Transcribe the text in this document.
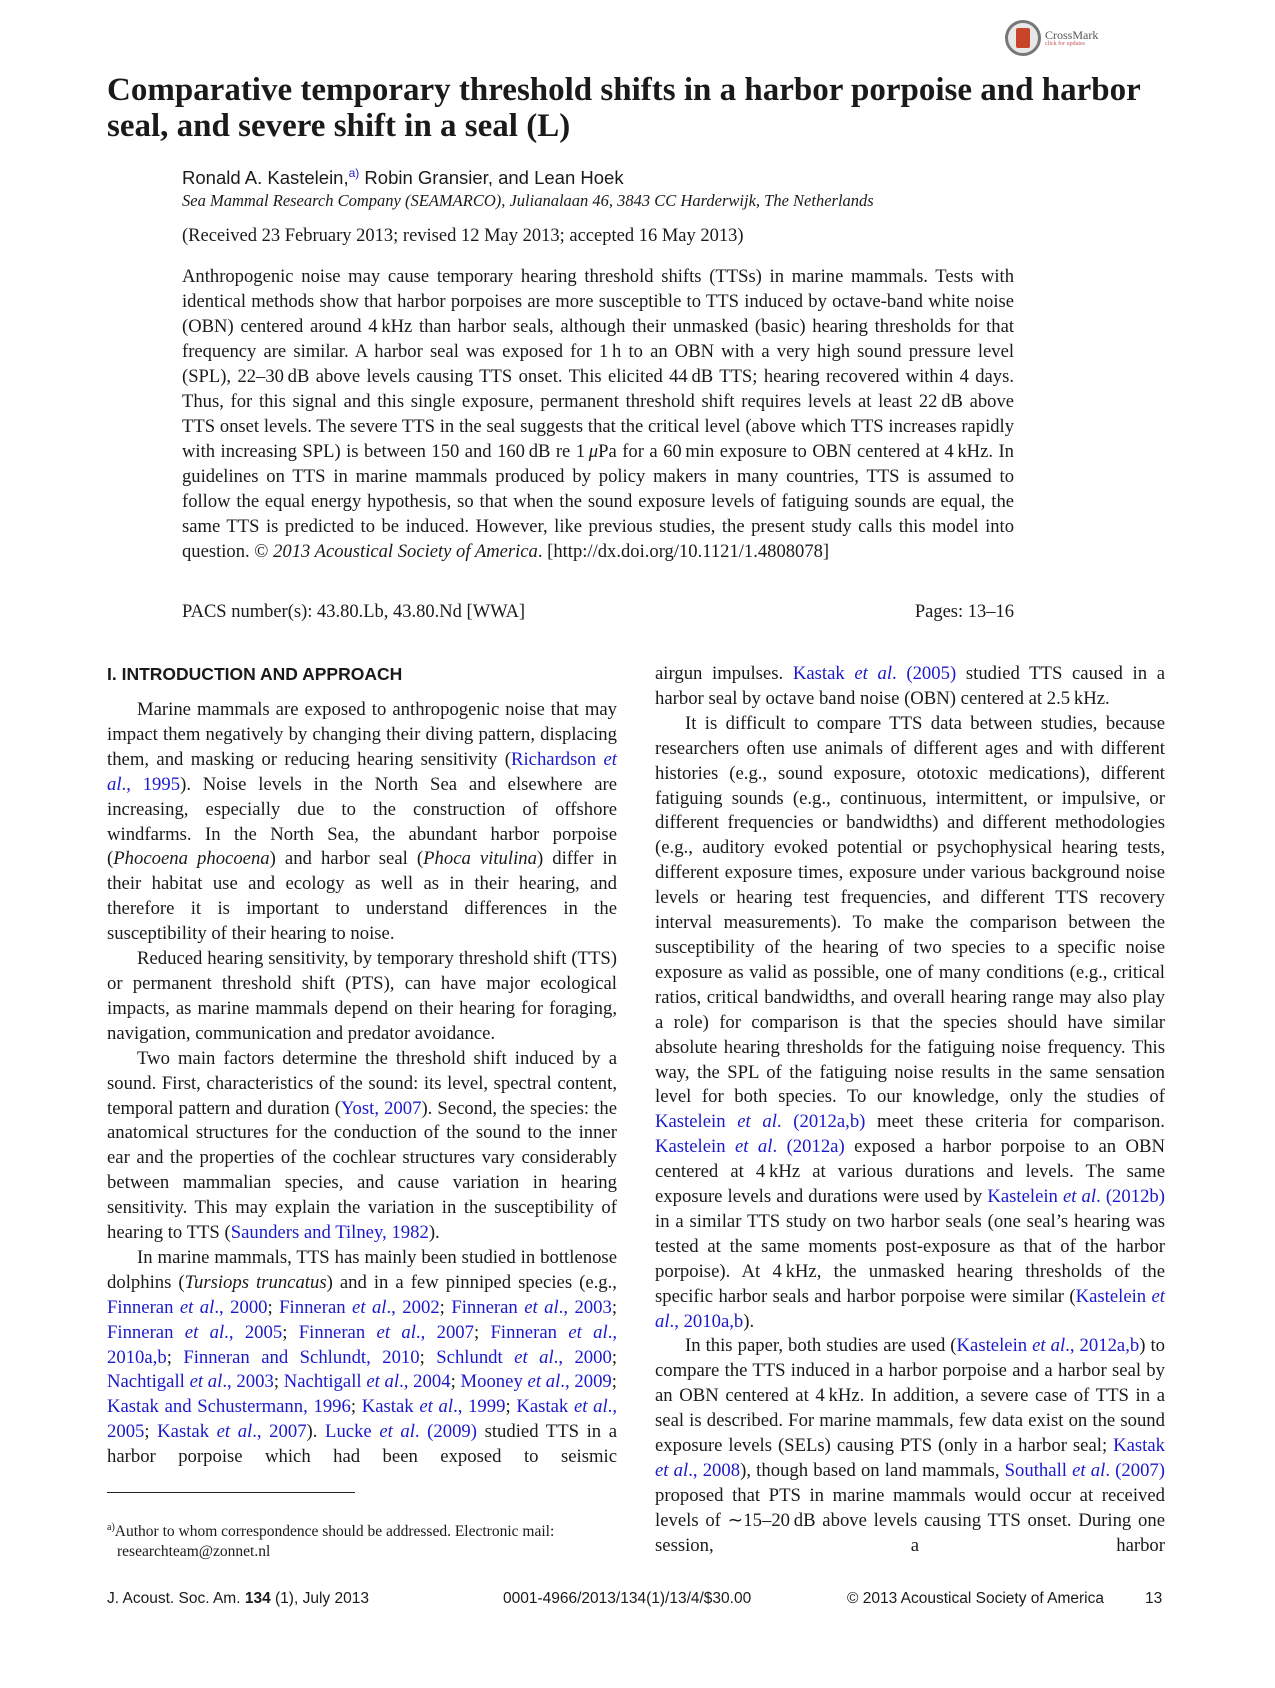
CrossMark
click for updates
Comparative temporary threshold shifts in a harbor porpoise and harbor seal, and severe shift in a seal (L)
Ronald A. Kastelein,$^{a)}$ Robin Gransier, and Lean Hoek
Sea Mammal Research Company (SEAMARCO), Julianalaan 46, 3843 CC Harderwijk, The Netherlands
(Received 23 February 2013; revised 12 May 2013; accepted 16 May 2013)
Anthropogenic noise may cause temporary hearing threshold shifts (TTSs) in marine mammals. Tests with identical methods show that harbor porpoises are more susceptible to TTS induced by octave-band white noise (OBN) centered around 4 kHz than harbor seals, although their unmasked (basic) hearing thresholds for that frequency are similar. A harbor seal was exposed for 1 h to an OBN with a very high sound pressure level (SPL), 22–30 dB above levels causing TTS onset. This elicited 44 dB TTS; hearing recovered within 4 days. Thus, for this signal and this single exposure, permanent threshold shift requires levels at least 22 dB above TTS onset levels. The severe TTS in the seal suggests that the critical level (above which TTS increases rapidly with increasing SPL) is between 150 and 160 dB re 1 μPa for a 60 min exposure to OBN centered at 4 kHz. In guidelines on TTS in marine mammals produced by policy makers in many countries, TTS is assumed to follow the equal energy hypothesis, so that when the sound exposure levels of fatiguing sounds are equal, the same TTS is predicted to be induced. However, like previous studies, the present study calls this model into question. © 2013 Acoustical Society of America. [http://dx.doi.org/10.1121/1.4808078]
PACS number(s): 43.80.Lb, 43.80.Nd [WWA]	Pages: 13–16
I. INTRODUCTION AND APPROACH

Marine mammals are exposed to anthropogenic noise that may impact them negatively by changing their diving pattern, displacing them, and masking or reducing hearing sensitivity (Richardson et al., 1995). Noise levels in the North Sea and elsewhere are increasing, especially due to the construction of offshore windfarms. In the North Sea, the abundant harbor porpoise (Phocoena phocoena) and harbor seal (Phoca vitulina) differ in their habitat use and ecology as well as in their hearing, and therefore it is important to understand differences in the susceptibility of their hearing to noise.

Reduced hearing sensitivity, by temporary threshold shift (TTS) or permanent threshold shift (PTS), can have major ecological impacts, as marine mammals depend on their hearing for foraging, navigation, communication and predator avoidance.

Two main factors determine the threshold shift induced by a sound. First, characteristics of the sound: its level, spectral content, temporal pattern and duration (Yost, 2007). Second, the species: the anatomical structures for the conduction of the sound to the inner ear and the properties of the cochlear structures vary considerably between mammalian species, and cause variation in hearing sensitivity. This may explain the variation in the susceptibility of hearing to TTS (Saunders and Tilney, 1982).

In marine mammals, TTS has mainly been studied in bottlenose dolphins (Tursiops truncatus) and in a few pinniped species (e.g., Finneran et al., 2000; Finneran et al., 2002; Finneran et al., 2003; Finneran et al., 2005; Finneran et al., 2007; Finneran et al., 2010a,b; Finneran and Schlundt, 2010; Schlundt et al., 2000; Nachtigall et al., 2003; Nachtigall et al., 2004; Mooney et al., 2009; Kastak and Schustermann, 1996; Kastak et al., 1999; Kastak et al., 2005; Kastak et al., 2007). Lucke et al. (2009) studied TTS in a harbor porpoise which had been exposed to seismic

airgun impulses. Kastak et al. (2005) studied TTS caused in a harbor seal by octave band noise (OBN) centered at 2.5 kHz.

It is difficult to compare TTS data between studies, because researchers often use animals of different ages and with different histories (e.g., sound exposure, ototoxic medications), different fatiguing sounds (e.g., continuous, intermittent, or impulsive, or different frequencies or bandwidths) and different methodologies (e.g., auditory evoked potential or psychophysical hearing tests, different exposure times, exposure under various background noise levels or hearing test frequencies, and different TTS recovery interval measurements). To make the comparison between the susceptibility of the hearing of two species to a specific noise exposure as valid as possible, one of many conditions (e.g., critical ratios, critical bandwidths, and overall hearing range may also play a role) for comparison is that the species should have similar absolute hearing thresholds for the fatiguing noise frequency. This way, the SPL of the fatiguing noise results in the same sensation level for both species. To our knowledge, only the studies of Kastelein et al. (2012a,b) meet these criteria for comparison. Kastelein et al. (2012a) exposed a harbor porpoise to an OBN centered at 4 kHz at various durations and levels. The same exposure levels and durations were used by Kastelein et al. (2012b) in a similar TTS study on two harbor seals (one seal’s hearing was tested at the same moments post-exposure as that of the harbor porpoise). At 4 kHz, the unmasked hearing thresholds of the specific harbor seals and harbor porpoise were similar (Kastelein et al., 2010a,b).

In this paper, both studies are used (Kastelein et al., 2012a,b) to compare the TTS induced in a harbor porpoise and a harbor seal by an OBN centered at 4 kHz. In addition, a severe case of TTS in a seal is described. For marine mammals, few data exist on the sound exposure levels (SELs) causing PTS (only in a harbor seal; Kastak et al., 2008), though based on land mammals, Southall et al. (2007) proposed that PTS in marine mammals would occur at received levels of ∼15–20 dB above levels causing TTS onset. During one session, a harbor

$^{a)}$Author to whom correspondence should be addressed. Electronic mail:
researchteam@zonnet.nl
J. Acoust. Soc. Am. 134 (1), July 2013	0001-4966/2013/134(1)/13/4/$30.00	© 2013 Acoustical Society of America	13
